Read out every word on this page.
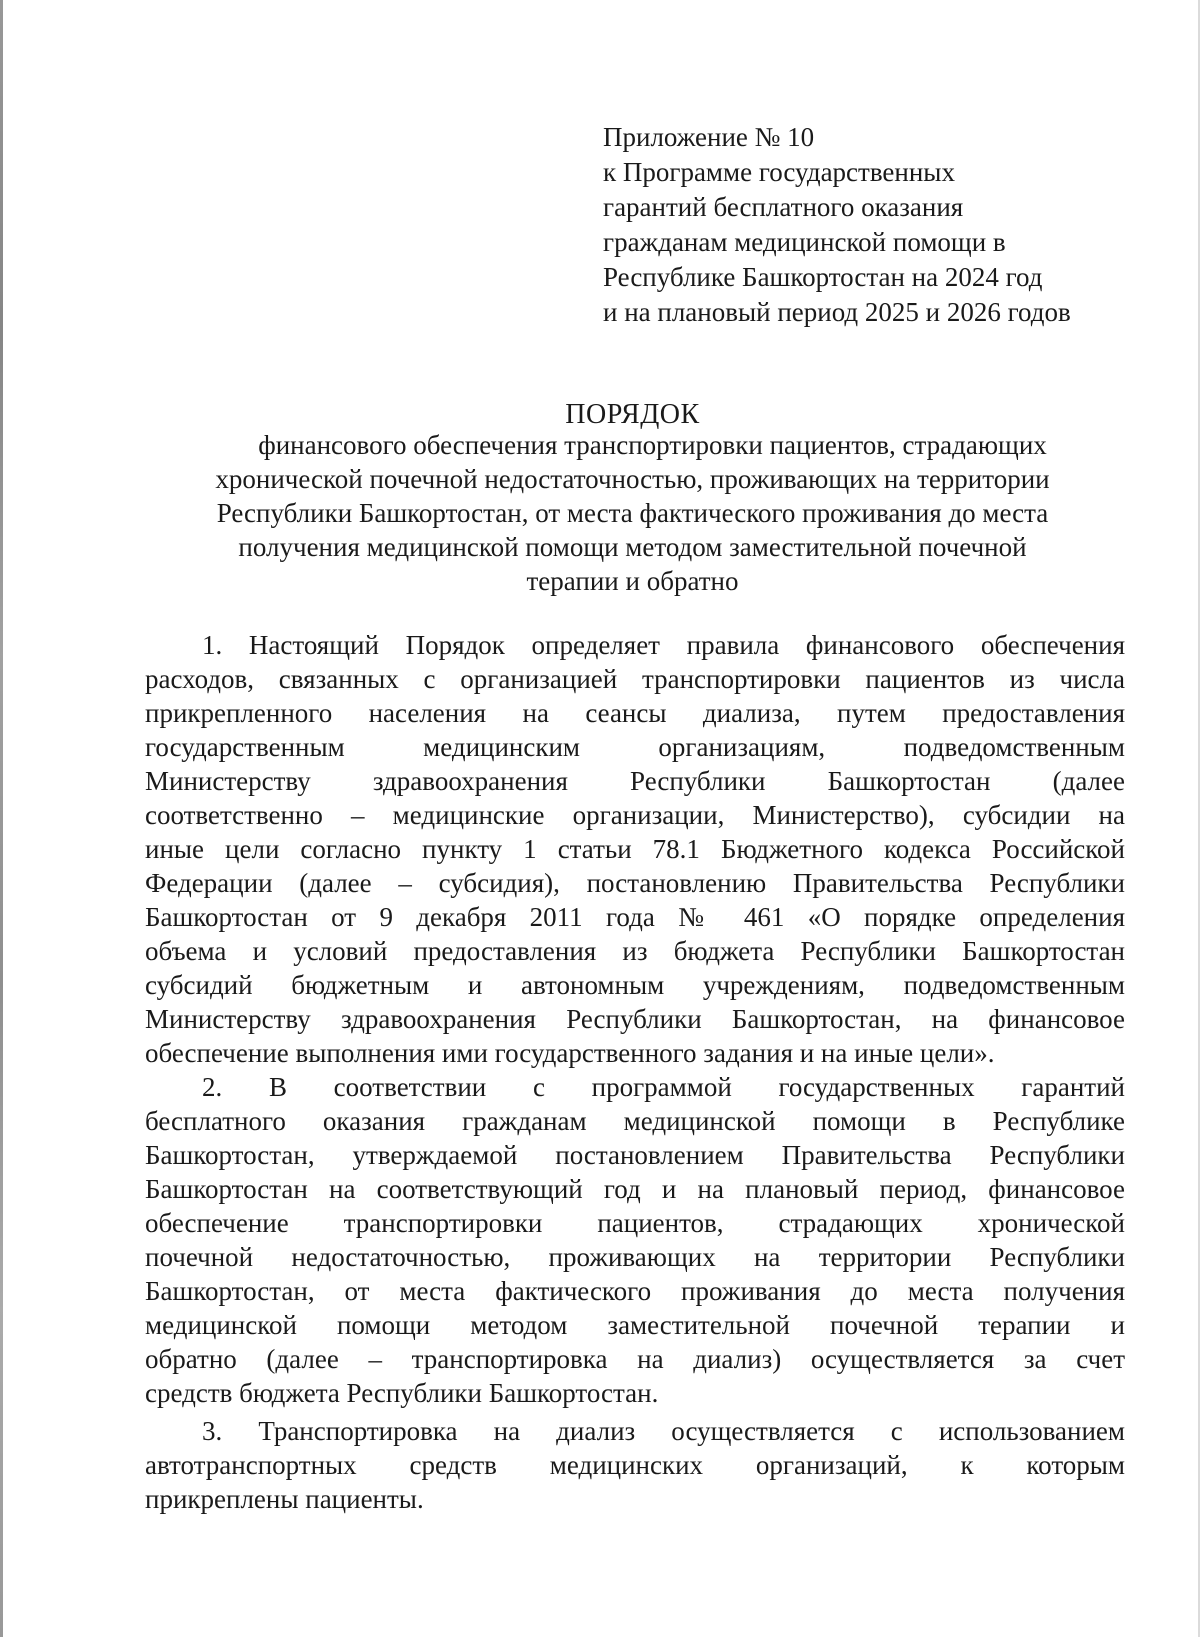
Приложение № 10
к Программе государственных
гарантий бесплатного оказания
гражданам медицинской помощи в
Республике Башкортостан на 2024 год
и на плановый период 2025 и 2026 годов
ПОРЯДОК
финансового обеспечения транспортировки пациентов, страдающих
хронической почечной недостаточностью, проживающих на территории
Республики Башкортостан, от места фактического проживания до места
получения медицинской помощи методом заместительной почечной
терапии и обратно
1. Настоящий Порядок определяет правила финансового обеспечения
расходов, связанных с организацией транспортировки пациентов из числа
прикрепленного населения на сеансы диализа, путем предоставления
государственным медицинским организациям, подведомственным
Министерству здравоохранения Республики Башкортостан (далее
соответственно – медицинские организации, Министерство), субсидии на
иные цели согласно пункту 1 статьи 78.1 Бюджетного кодекса Российской
Федерации (далее – субсидия), постановлению Правительства Республики
Башкортостан от 9 декабря 2011 года № 461 «О порядке определения
объема и условий предоставления из бюджета Республики Башкортостан
субсидий бюджетным и автономным учреждениям, подведомственным
Министерству здравоохранения Республики Башкортостан, на финансовое
обеспечение выполнения ими государственного задания и на иные цели».
2. В соответствии с программой государственных гарантий
бесплатного оказания гражданам медицинской помощи в Республике
Башкортостан, утверждаемой постановлением Правительства Республики
Башкортостан на соответствующий год и на плановый период, финансовое
обеспечение транспортировки пациентов, страдающих хронической
почечной недостаточностью, проживающих на территории Республики
Башкортостан, от места фактического проживания до места получения
медицинской помощи методом заместительной почечной терапии и
обратно (далее – транспортировка на диализ) осуществляется за счет
средств бюджета Республики Башкортостан.
3. Транспортировка на диализ осуществляется с использованием
автотранспортных средств медицинских организаций, к которым
прикреплены пациенты.
